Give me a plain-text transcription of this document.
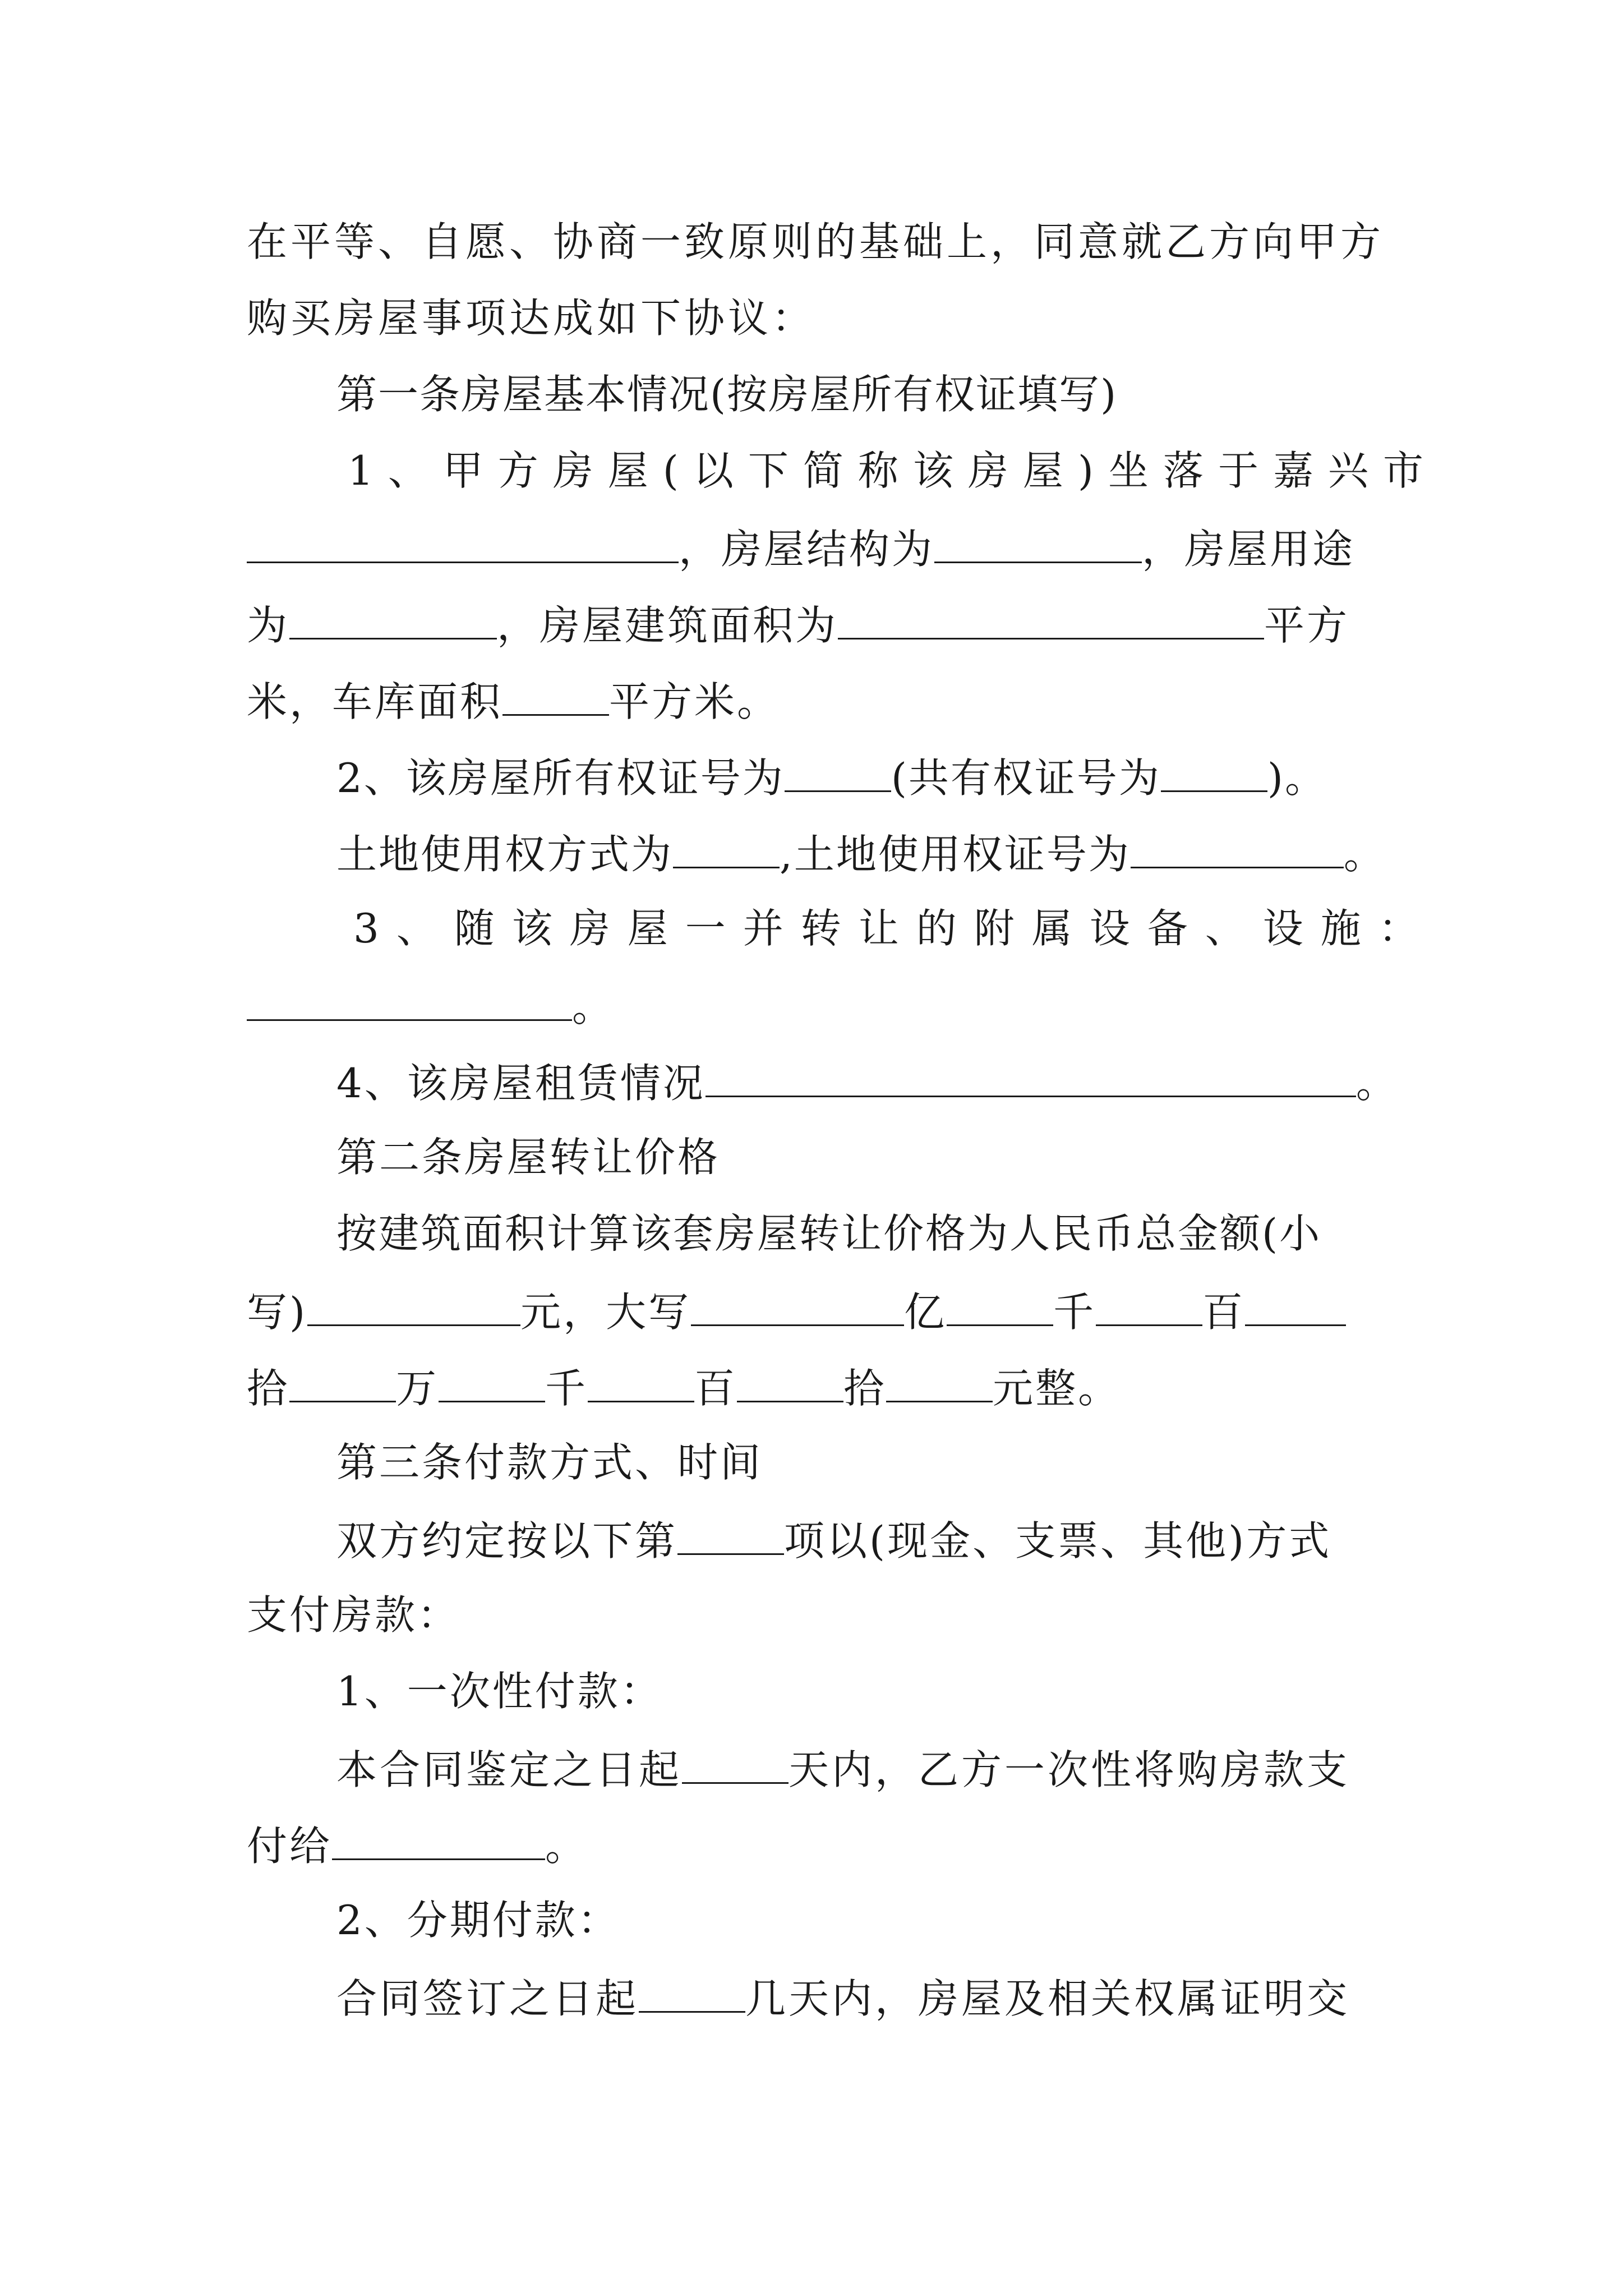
在平等、自愿、协商一致原则的基础上，同意就乙方向甲方
购买房屋事项达成如下协议：
第一条房屋基本情况(按房屋所有权证填写)
1、甲方房屋(以下简称该房屋)坐落于嘉兴市
，房屋结构为	，房屋用途
为	，房屋建筑面积为	平方
米，车库面积	平方米。
2、该房屋所有权证号为	(共有权证号为	)。
土地使用权方式为	,土地使用权证号为	。
3、随该房屋一并转让的附属设备、设施：
。
4、该房屋租赁情况	。
第二条房屋转让价格
按建筑面积计算该套房屋转让价格为人民币总金额(小
写)	元，大写	亿	千	百
拾	万	千	百	拾	元整。
第三条付款方式、时间
双方约定按以下第	项以(现金、支票、其他)方式
支付房款：
1、一次性付款：
本合同鉴定之日起	天内，乙方一次性将购房款支
付给	。
2、分期付款：
合同签订之日起	几天内，房屋及相关权属证明交
